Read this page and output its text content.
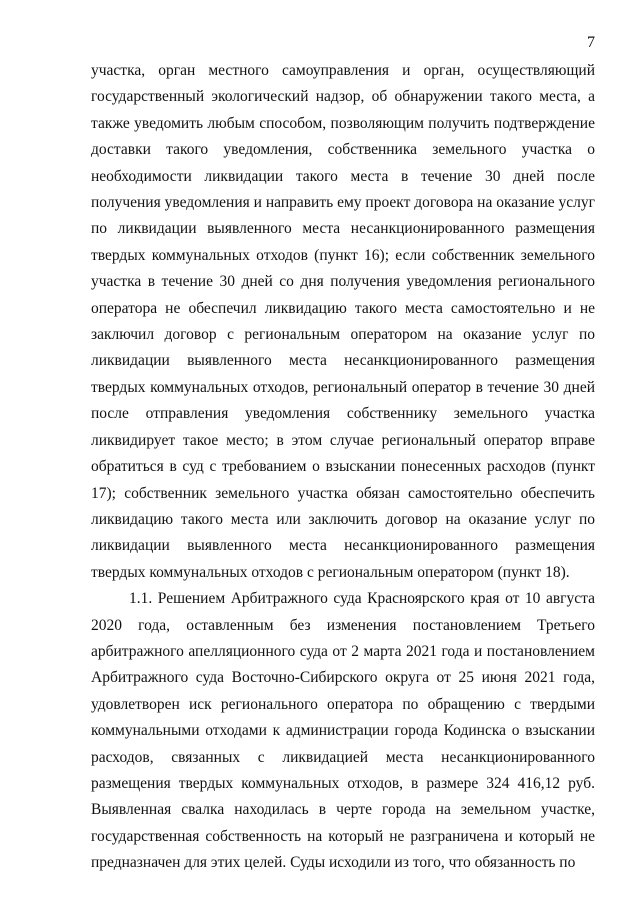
7

участка, орган местного самоуправления и орган, осуществляющий государственный экологический надзор, об обнаружении такого места, а также уведомить любым способом, позволяющим получить подтверждение доставки такого уведомления, собственника земельного участка о необходимости ликвидации такого места в течение 30 дней после получения уведомления и направить ему проект договора на оказание услуг по ликвидации выявленного места несанкционированного размещения твердых коммунальных отходов (пункт 16); если собственник земельного участка в течение 30 дней со дня получения уведомления регионального оператора не обеспечил ликвидацию такого места самостоятельно и не заключил договор с региональным оператором на оказание услуг по ликвидации выявленного места несанкционированного размещения твердых коммунальных отходов, региональный оператор в течение 30 дней после отправления уведомления собственнику земельного участка ликвидирует такое место; в этом случае региональный оператор вправе обратиться в суд с требованием о взыскании понесенных расходов (пункт 17); собственник земельного участка обязан самостоятельно обеспечить ликвидацию такого места или заключить договор на оказание услуг по ликвидации выявленного места несанкционированного размещения твердых коммунальных отходов с региональным оператором (пункт 18).

1.1. Решением Арбитражного суда Красноярского края от 10 августа 2020 года, оставленным без изменения постановлением Третьего арбитражного апелляционного суда от 2 марта 2021 года и постановлением Арбитражного суда Восточно-Сибирского округа от 25 июня 2021 года, удовлетворен иск регионального оператора по обращению с твердыми коммунальными отходами к администрации города Кодинска о взыскании расходов, связанных с ликвидацией места несанкционированного размещения твердых коммунальных отходов, в размере 324 416,12 руб. Выявленная свалка находилась в черте города на земельном участке, государственная собственность на который не разграничена и который не предназначен для этих целей. Суды исходили из того, что обязанность по
